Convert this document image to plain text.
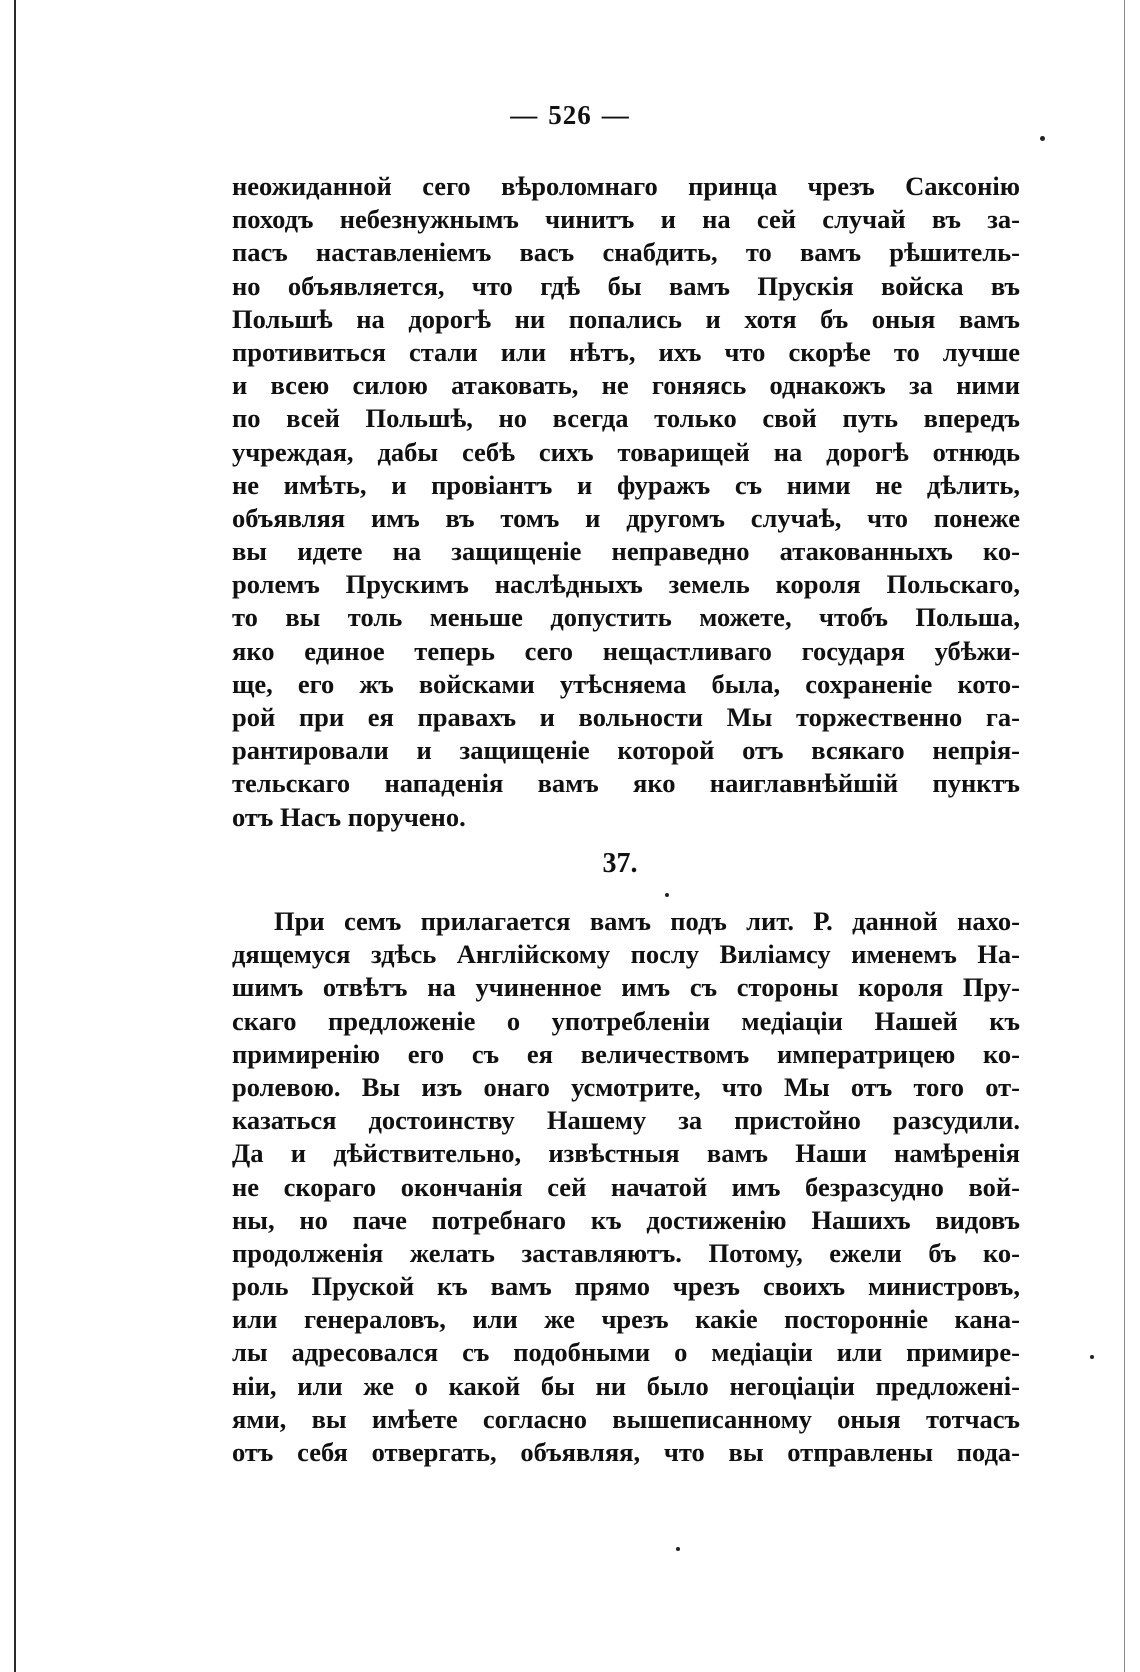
— 526 —
неожиданной сего вѣроломнаго принца чрезъ Саксонію
походъ небезнужнымъ чинитъ и на сей случай въ за-
пасъ наставленіемъ васъ снабдить, то вамъ рѣшитель-
но объявляется, что гдѣ бы вамъ Прускія войска въ
Польшѣ на дорогѣ ни попались и хотя бъ оныя вамъ
противиться стали или нѣтъ, ихъ что скорѣе то лучше
и всею силою атаковать, не гоняясь однакожъ за ними
по всей Польшѣ, но всегда только свой путь впередъ
учреждая, дабы себѣ сихъ товарищей на дорогѣ отнюдь
не имѣть, и провіантъ и фуражъ съ ними не дѣлить,
объявляя имъ въ томъ и другомъ случаѣ, что понеже
вы идете на защищеніе неправедно атакованныхъ ко-
ролемъ Прускимъ наслѣдныхъ земель короля Польскаго,
то вы толь меньше допустить можете, чтобъ Польша,
яко единое теперь сего нещастливаго государя убѣжи-
ще, его жъ войсками утѣсняема была, сохраненіе кото-
рой при ея правахъ и вольности Мы торжественно га-
рантировали и защищеніе которой отъ всякаго непрія-
тельскаго нападенія вамъ яко наиглавнѣйшій пунктъ
отъ Насъ поручено.
37.
При семъ прилагается вамъ подъ лит. Р. данной нахо-
дящемуся здѣсь Англійскому послу Виліамсу именемъ На-
шимъ отвѣтъ на учиненное имъ съ стороны короля Пру-
скаго предложеніе о употребленіи медіаціи Нашей къ
примиренію его съ ея величествомъ императрицею ко-
ролевою. Вы изъ онаго усмотрите, что Мы отъ того от-
казаться достоинству Нашему за пристойно разсудили.
Да и дѣйствительно, извѣстныя вамъ Наши намѣренія
не скораго окончанія сей начатой имъ безразсудно вой-
ны, но паче потребнаго къ достиженію Нашихъ видовъ
продолженія желать заставляютъ. Потому, ежели бъ ко-
роль Пруской къ вамъ прямо чрезъ своихъ министровъ,
или генераловъ, или же чрезъ какіе посторонніе кана-
лы адресовался съ подобными о медіаціи или примире-
ніи, или же о какой бы ни было негоціаціи предложені-
ями, вы имѣете согласно вышеписанному оныя тотчасъ
отъ себя отвергать, объявляя, что вы отправлены пода-
